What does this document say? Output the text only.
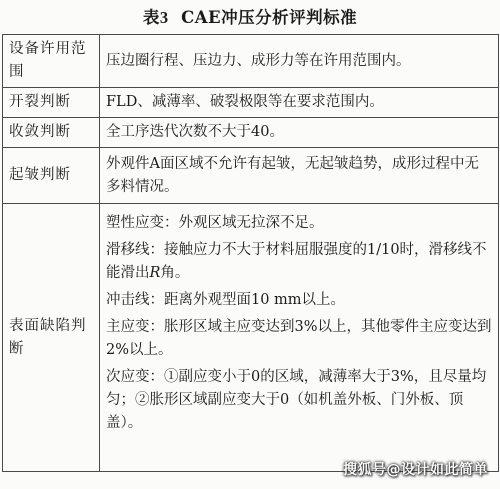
表3 CAE冲压分析评判标准
设备许用范围	压边圈行程、压边力、成形力等在许用范围内。
开裂判断	FLD、减薄率、破裂极限等在要求范围内。
收敛判断	全工序迭代次数不大于40。
起皱判断	外观件A面区域不允许有起皱，无起皱趋势，成形过程中无多料情况。
表面缺陷判断	塑性应变：外观区域无拉深不足。

滑移线：接触应力不大于材料屈服强度的1/10时，滑移线不能滑出R角。

冲击线：距离外观型面10 mm以上。

主应变：胀形区域主应变达到3%以上，其他零件主应变达到2%以上。

次应变：①副应变小于0的区域，减薄率大于3%，且尽量均匀；②胀形区域副应变大于0（如机盖外板、门外板、顶盖）。

搜狐号@设计如此简单
